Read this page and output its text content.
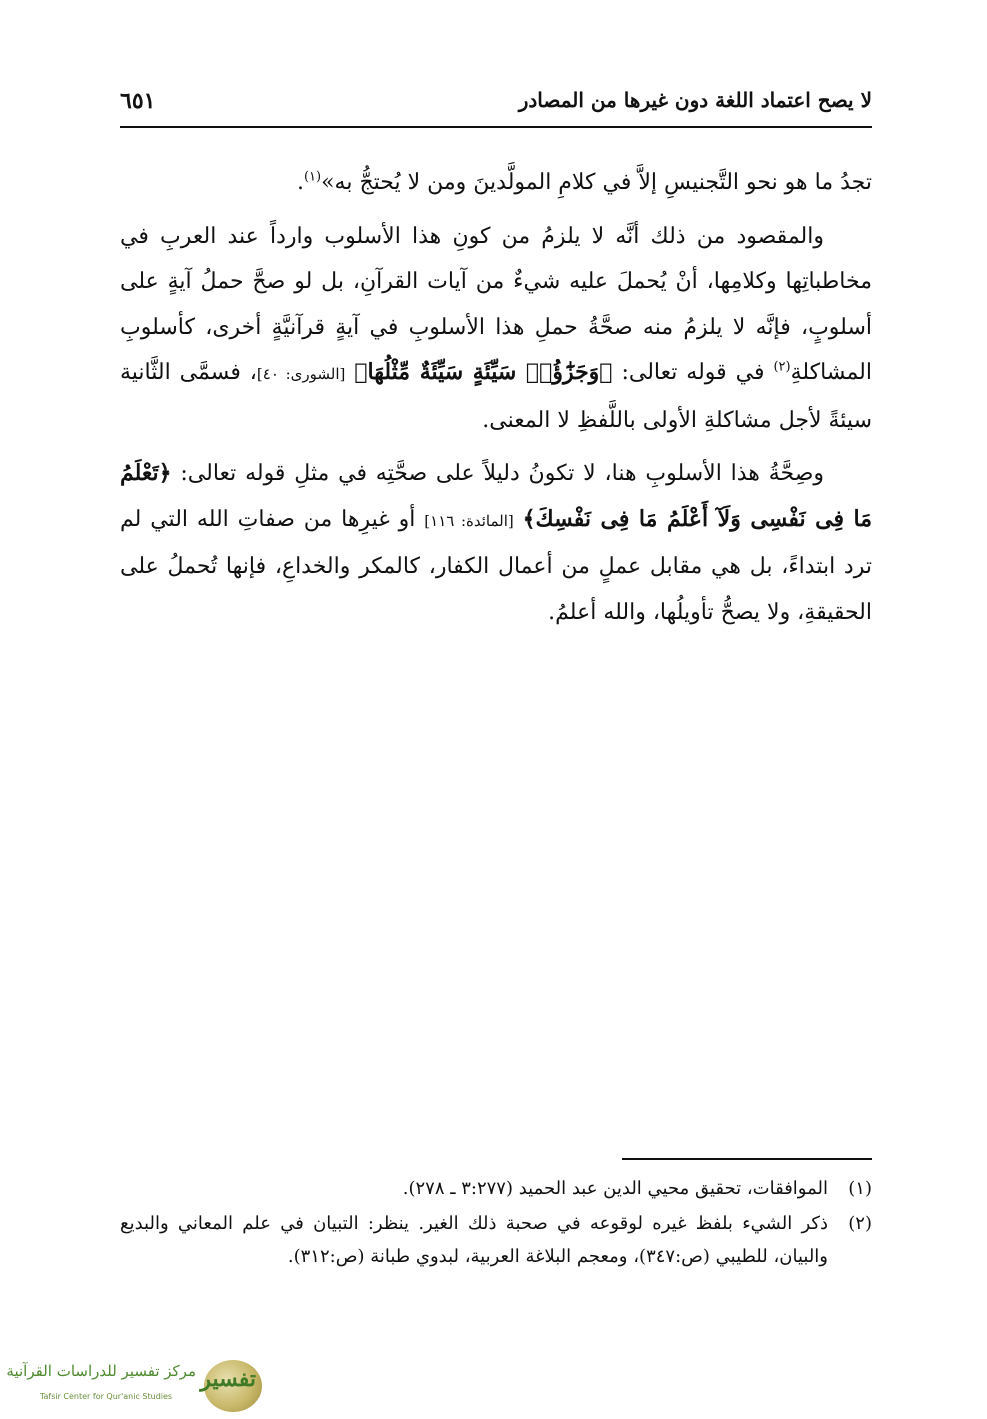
لا يصح اعتماد اللغة دون غيرها من المصادر
٦٥١

تجدُ ما هو نحو التَّجنيسِ إلاَّ في كلامِ المولَّدينَ ومن لا يُحتجُّ به»$^{(١)}$.

والمقصود من ذلك أنَّه لا يلزمُ من كونِ هذا الأسلوب وارداً عند العربِ في مخاطباتِها وكلامِها، أنْ يُحملَ عليه شيءٌ من آيات القرآنِ، بل لو صحَّ حملُ آيةٍ على أسلوبٍ، فإنَّه لا يلزمُ منه صحَّةُ حملِ هذا الأسلوبِ في آيةٍ قرآنيَّةٍ أخرى، كأسلوبِ المشاكلةِ$^{(٢)}$ في قوله تعالى: ﴿وَجَزَٰٓؤُا۟ سَيِّئَةٍ سَيِّئَةٌ مِّثْلُهَا﴾ [الشورى: ٤٠]، فسمَّى الثَّانية سيئةً لأجل مشاكلةِ الأولى باللَّفظِ لا المعنى.

وصِحَّةُ هذا الأسلوبِ هنا، لا تكونُ دليلاً على صحَّتِه في مثلِ قوله تعالى: ﴿تَعْلَمُ مَا فِى نَفْسِى وَلَآ أَعْلَمُ مَا فِى نَفْسِكَ﴾ [المائدة: ١١٦] أو غيرِها من صفاتِ الله التي لم ترد ابتداءً، بل هي مقابل عملٍ من أعمال الكفار، كالمكر والخداعِ، فإنها تُحملُ على الحقيقةِ، ولا يصحُّ تأويلُها، والله أعلمُ.

(١)
الموافقات، تحقيق محيي الدين عبد الحميد (٣:٢٧٧ ـ ٢٧٨).
(٢)
ذكر الشيء بلفظ غيره لوقوعه في صحبة ذلك الغير. ينظر: التبيان في علم المعاني والبديع والبيان، للطيبي (ص:٣٤٧)، ومعجم البلاغة العربية، لبدوي طبانة (ص:٣١٢).
تفسير
مركز تفسير للدراسات القرآنية
Tafsir Center for Qur'anic Studies
